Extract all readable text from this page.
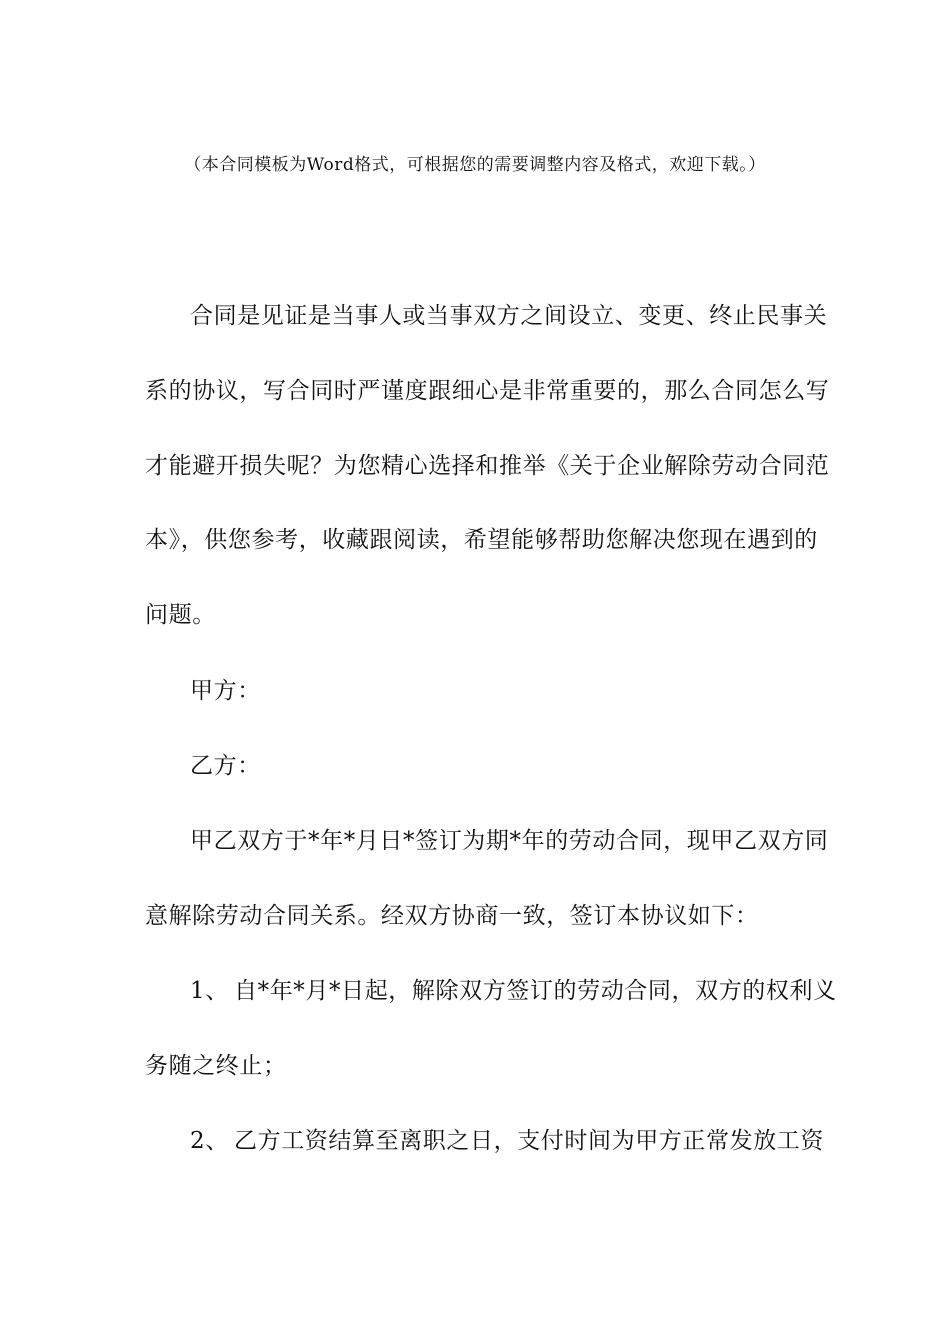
（本合同模板为Word格式，可根据您的需要调整内容及格式，欢迎下载。）
合同是见证是当事人或当事双方之间设立、变更、终止民事关
系的协议，写合同时严谨度跟细心是非常重要的，那么合同怎么写
才能避开损失呢？为您精心选择和推举《关于企业解除劳动合同范
本》，供您参考，收藏跟阅读，希望能够帮助您解决您现在遇到的
问题。
甲方：
乙方：
甲乙双方于*年*月日*签订为期*年的劳动合同，现甲乙双方同
意解除劳动合同关系。经双方协商一致，签订本协议如下：
1、 自*年*月*日起，解除双方签订的劳动合同，双方的权利义
务随之终止；
2、 乙方工资结算至离职之日，支付时间为甲方正常发放工资
